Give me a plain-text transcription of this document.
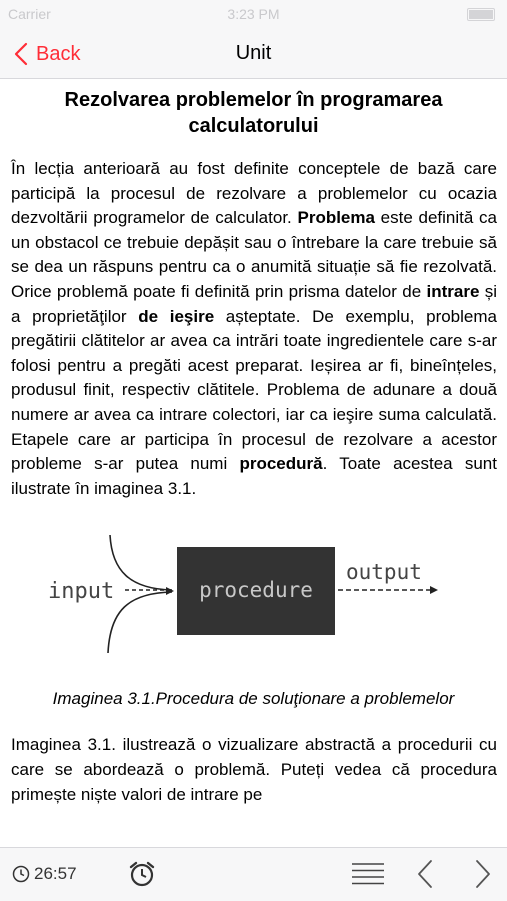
Carrier	3:23 PM
Back	Unit
Rezolvarea problemelor în programarea calculatorului

În lecția anterioară au fost definite conceptele de bază care participă la procesul de rezolvare a problemelor cu ocazia dezvoltării programelor de calculator. Problema este definită ca un obstacol ce trebuie depășit sau o întrebare la care trebuie să se dea un răspuns pentru ca o anumită situație să fie rezolvată. Orice problemă poate fi definită prin prisma datelor de intrare și a proprietăţilor de ieşire așteptate. De exemplu, problema pregătirii clătitelor ar avea ca intrări toate ingredientele care s-ar folosi pentru a pregăti acest preparat. Ieșirea ar fi, bineînțeles, produsul finit, respectiv clătitele. Problema de adunare a două numere ar avea ca intrare colectori, iar ca ieşire suma calculată. Etapele care ar participa în procesul de rezolvare a acestor probleme s-ar putea numi procedură. Toate acestea sunt ilustrate în imaginea 3.1.

input	procedure
output
Imaginea 3.1.Procedura de soluţionare a problemelor

Imaginea 3.1. ilustrează o vizualizare abstractă a procedurii cu care se abordează o problemă. Puteți vedea că procedura primește niște valori de intrare pe

26:57
